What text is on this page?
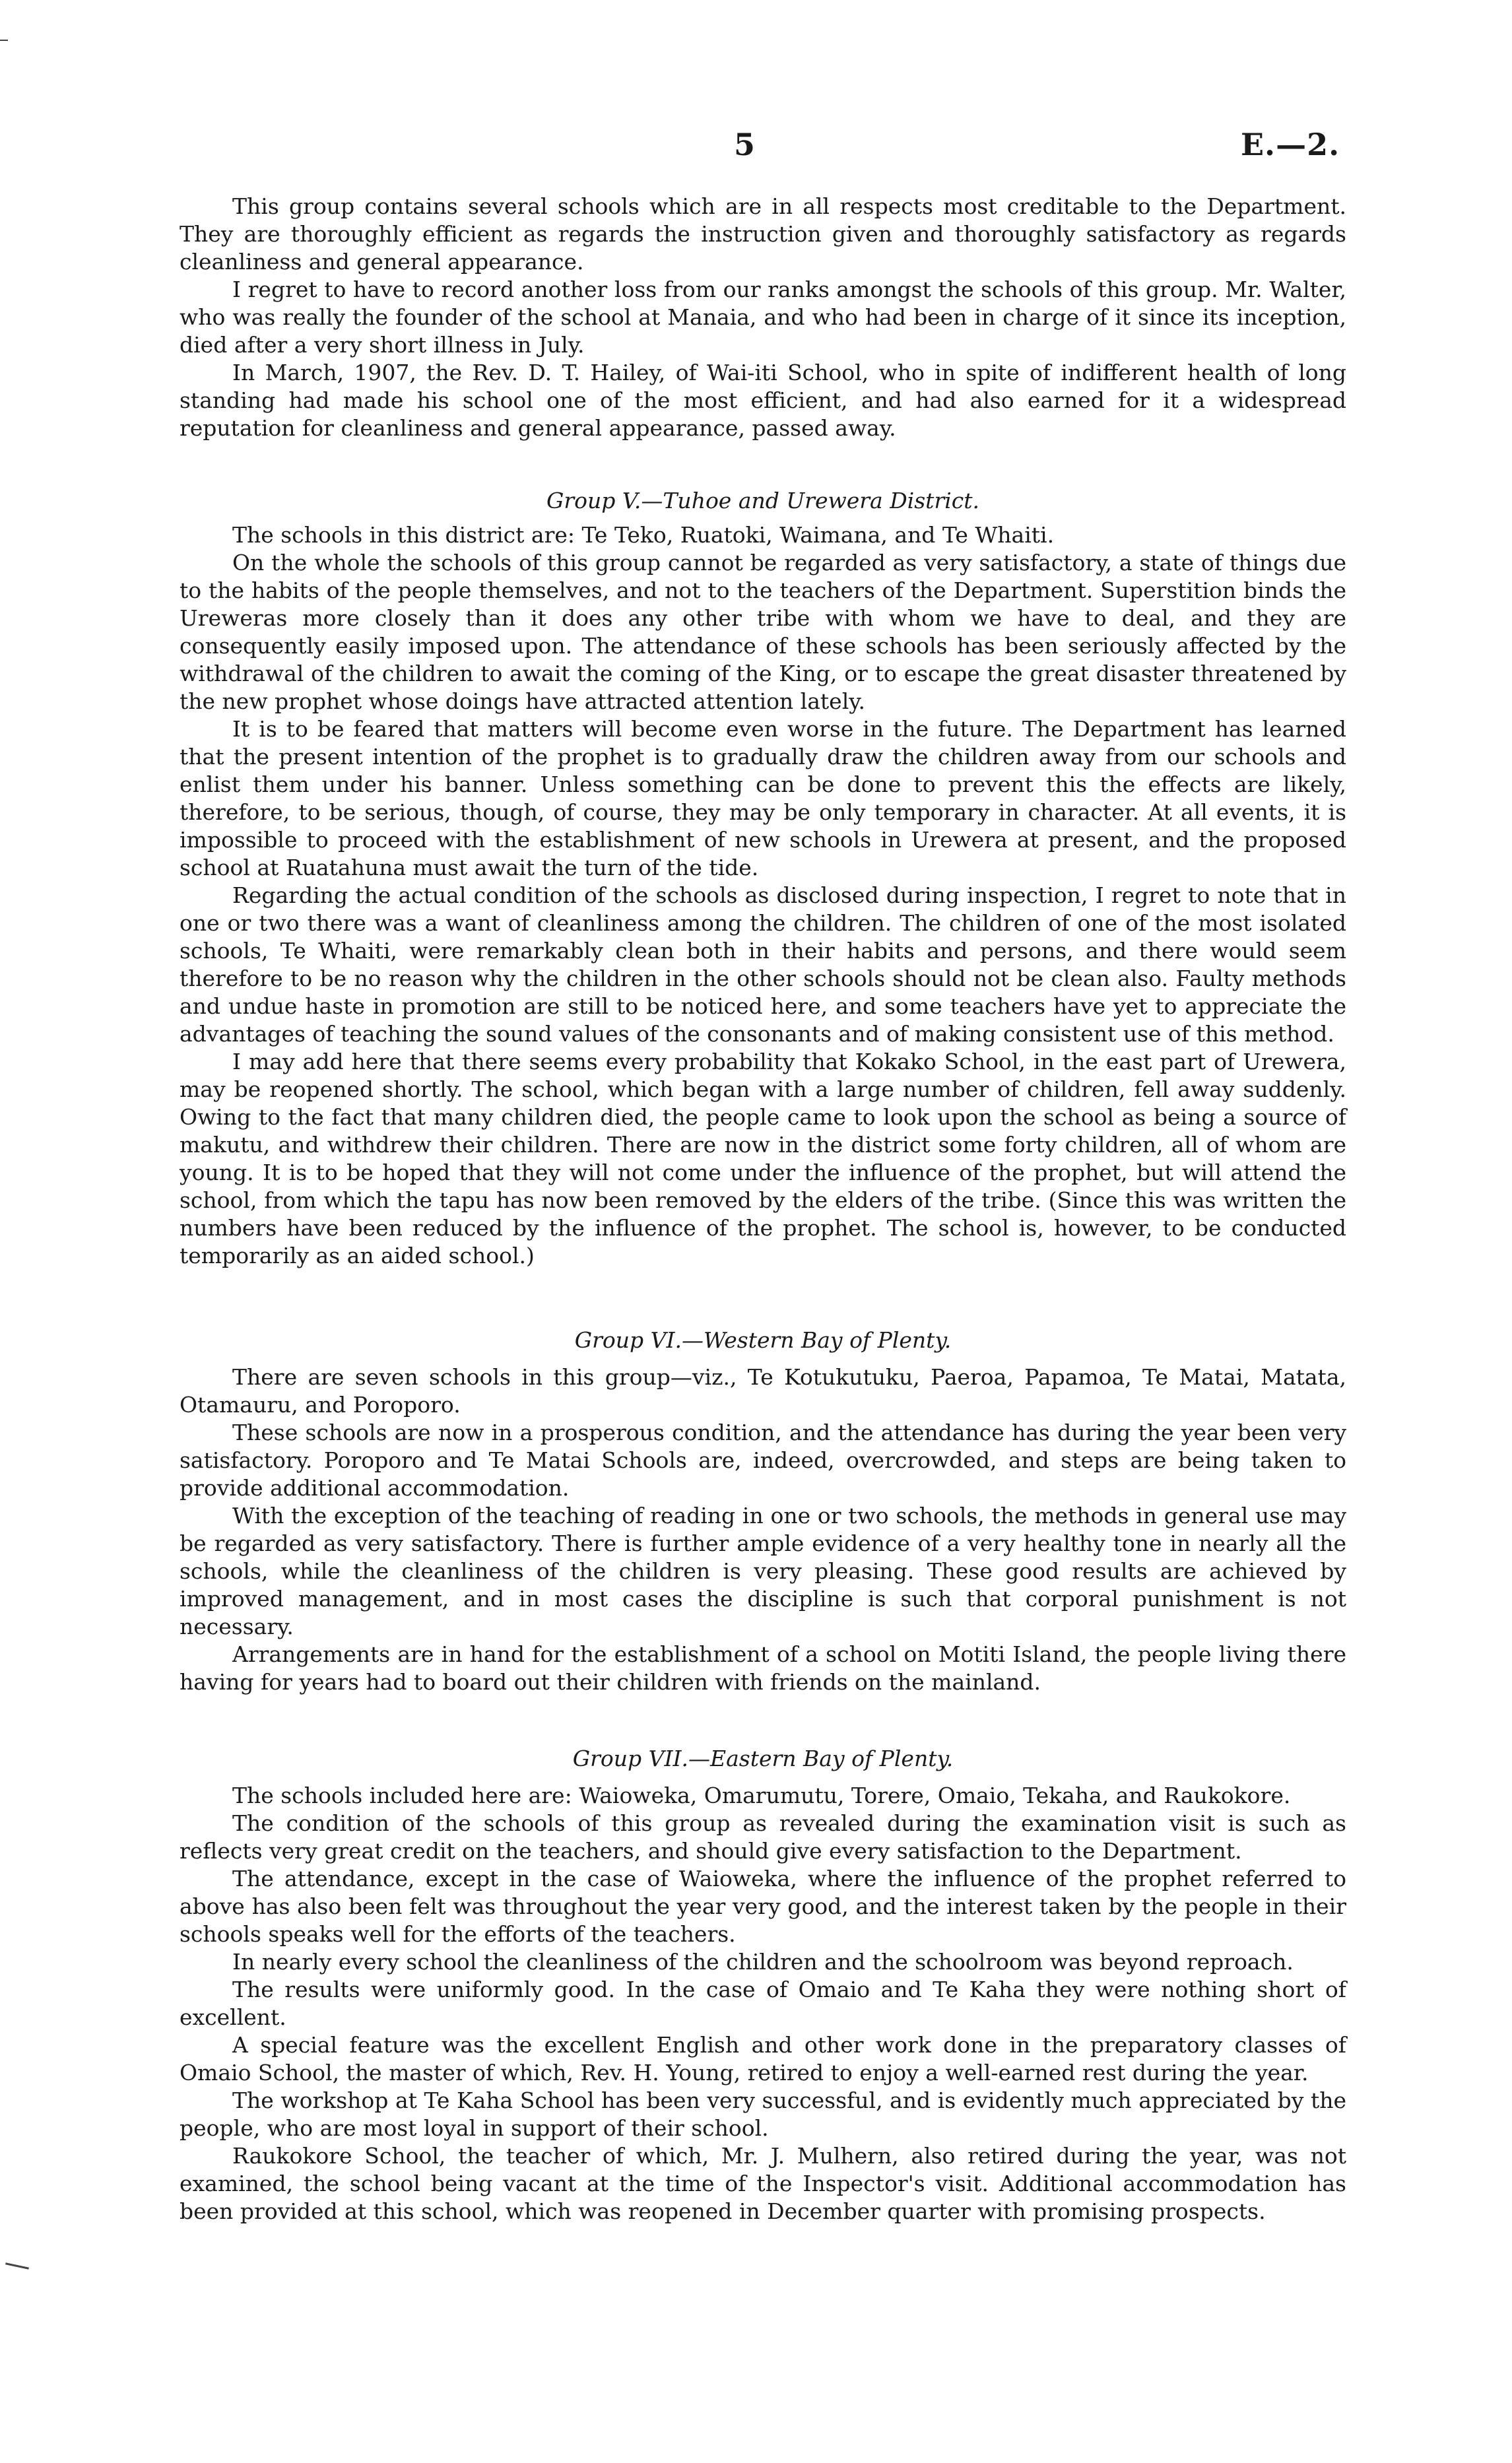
5	E.—2.

This group contains several schools which are in all respects most creditable to the Department. They are thoroughly efficient as regards the instruction given and thoroughly satisfactory as regards cleanliness and general appearance.

I regret to have to record another loss from our ranks amongst the schools of this group. Mr. Walter, who was really the founder of the school at Manaia, and who had been in charge of it since its inception, died after a very short illness in July.

In March, 1907, the Rev. D. T. Hailey, of Wai-iti School, who in spite of indifferent health of long standing had made his school one of the most efficient, and had also earned for it a widespread reputation for cleanliness and general appearance, passed away.

Group V.—Tuhoe and Urewera District.

The schools in this district are: Te Teko, Ruatoki, Waimana, and Te Whaiti.

On the whole the schools of this group cannot be regarded as very satisfactory, a state of things due to the habits of the people themselves, and not to the teachers of the Department. Superstition binds the Ureweras more closely than it does any other tribe with whom we have to deal, and they are consequently easily imposed upon. The attendance of these schools has been seriously affected by the withdrawal of the children to await the coming of the King, or to escape the great disaster threatened by the new prophet whose doings have attracted attention lately.

It is to be feared that matters will become even worse in the future. The Department has learned that the present intention of the prophet is to gradually draw the children away from our schools and enlist them under his banner. Unless something can be done to prevent this the effects are likely, therefore, to be serious, though, of course, they may be only temporary in character. At all events, it is impossible to proceed with the establishment of new schools in Urewera at present, and the proposed school at Ruatahuna must await the turn of the tide.

Regarding the actual condition of the schools as disclosed during inspection, I regret to note that in one or two there was a want of cleanliness among the children. The children of one of the most isolated schools, Te Whaiti, were remarkably clean both in their habits and persons, and there would seem therefore to be no reason why the children in the other schools should not be clean also. Faulty methods and undue haste in promotion are still to be noticed here, and some teachers have yet to appreciate the advantages of teaching the sound values of the consonants and of making consistent use of this method.

I may add here that there seems every probability that Kokako School, in the east part of Urewera, may be reopened shortly. The school, which began with a large number of children, fell away suddenly. Owing to the fact that many children died, the people came to look upon the school as being a source of makutu, and withdrew their children. There are now in the district some forty children, all of whom are young. It is to be hoped that they will not come under the influence of the prophet, but will attend the school, from which the tapu has now been removed by the elders of the tribe. (Since this was written the numbers have been reduced by the influence of the prophet. The school is, however, to be conducted temporarily as an aided school.)

Group VI.—Western Bay of Plenty.

There are seven schools in this group—viz., Te Kotukutuku, Paeroa, Papamoa, Te Matai, Matata, Otamauru, and Poroporo.

These schools are now in a prosperous condition, and the attendance has during the year been very satisfactory. Poroporo and Te Matai Schools are, indeed, overcrowded, and steps are being taken to provide additional accommodation.

With the exception of the teaching of reading in one or two schools, the methods in general use may be regarded as very satisfactory. There is further ample evidence of a very healthy tone in nearly all the schools, while the cleanliness of the children is very pleasing. These good results are achieved by improved management, and in most cases the discipline is such that corporal punishment is not necessary.

Arrangements are in hand for the establishment of a school on Motiti Island, the people living there having for years had to board out their children with friends on the mainland.

Group VII.—Eastern Bay of Plenty.

The schools included here are: Waioweka, Omarumutu, Torere, Omaio, Tekaha, and Raukokore.

The condition of the schools of this group as revealed during the examination visit is such as reflects very great credit on the teachers, and should give every satisfaction to the Department.

The attendance, except in the case of Waioweka, where the influence of the prophet referred to above has also been felt was throughout the year very good, and the interest taken by the people in their schools speaks well for the efforts of the teachers.

In nearly every school the cleanliness of the children and the schoolroom was beyond reproach.

The results were uniformly good. In the case of Omaio and Te Kaha they were nothing short of excellent.

A special feature was the excellent English and other work done in the preparatory classes of Omaio School, the master of which, Rev. H. Young, retired to enjoy a well-earned rest during the year.

The workshop at Te Kaha School has been very successful, and is evidently much appreciated by the people, who are most loyal in support of their school.

Raukokore School, the teacher of which, Mr. J. Mulhern, also retired during the year, was not examined, the school being vacant at the time of the Inspector's visit. Additional accommodation has been provided at this school, which was reopened in December quarter with promising prospects.
